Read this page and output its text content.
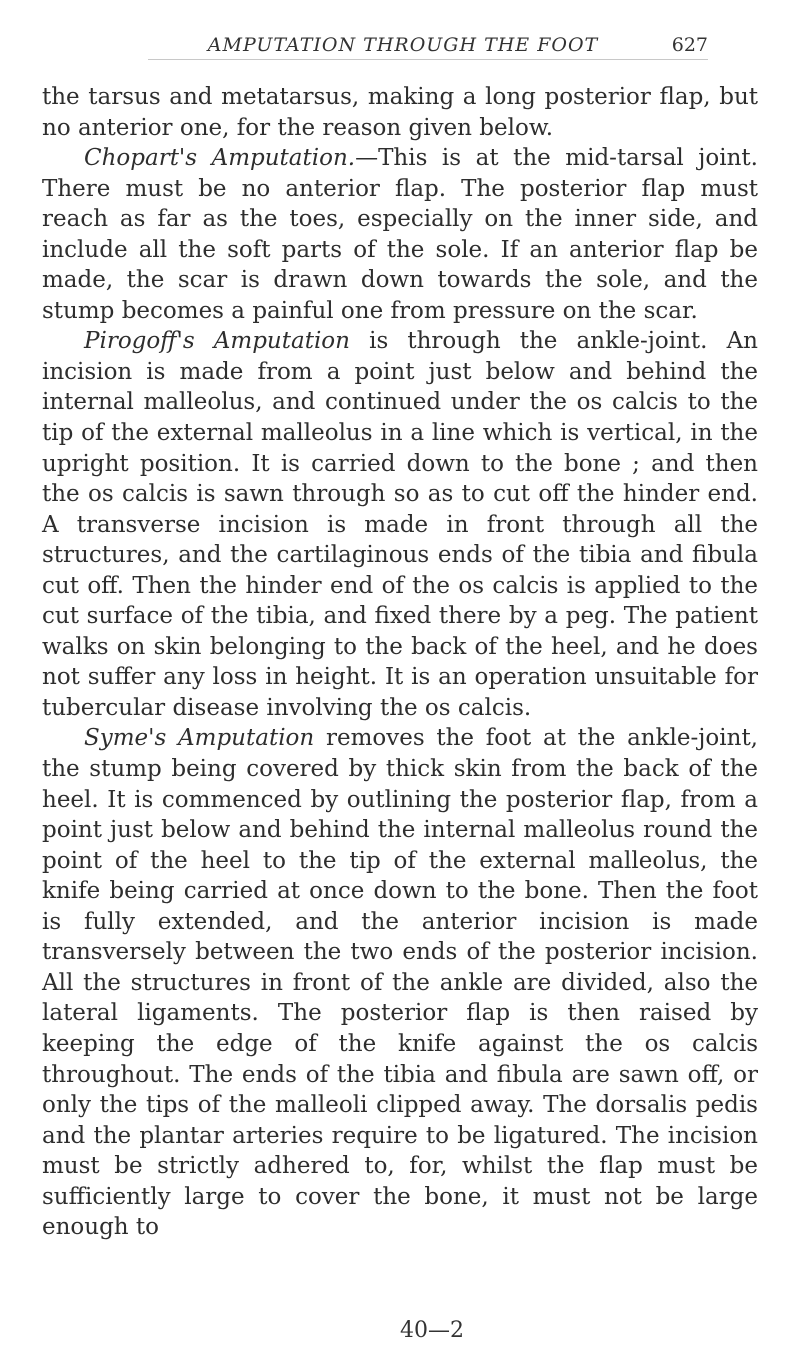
AMPUTATION THROUGH THE FOOT	627

the tarsus and metatarsus, making a long posterior flap, but no anterior one, for the reason given below.

Chopart's Amputation.—This is at the mid-tarsal joint. There must be no anterior flap. The posterior flap must reach as far as the toes, especially on the inner side, and include all the soft parts of the sole. If an anterior flap be made, the scar is drawn down towards the sole, and the stump becomes a painful one from pressure on the scar.

Pirogoff's Amputation is through the ankle-joint. An incision is made from a point just below and behind the internal malleolus, and continued under the os calcis to the tip of the external malleolus in a line which is vertical, in the upright position. It is carried down to the bone ; and then the os calcis is sawn through so as to cut off the hinder end. A transverse incision is made in front through all the structures, and the cartilaginous ends of the tibia and fibula cut off. Then the hinder end of the os calcis is applied to the cut surface of the tibia, and fixed there by a peg. The patient walks on skin belonging to the back of the heel, and he does not suffer any loss in height. It is an operation unsuitable for tubercular disease involving the os calcis.

Syme's Amputation removes the foot at the ankle-joint, the stump being covered by thick skin from the back of the heel. It is commenced by outlining the posterior flap, from a point just below and behind the internal malleolus round the point of the heel to the tip of the external malleolus, the knife being carried at once down to the bone. Then the foot is fully extended, and the anterior incision is made transversely between the two ends of the posterior incision. All the structures in front of the ankle are divided, also the lateral ligaments. The posterior flap is then raised by keeping the edge of the knife against the os calcis throughout. The ends of the tibia and fibula are sawn off, or only the tips of the malleoli clipped away. The dorsalis pedis and the plantar arteries require to be ligatured. The incision must be strictly adhered to, for, whilst the flap must be sufficiently large to cover the bone, it must not be large enough to

40—2
